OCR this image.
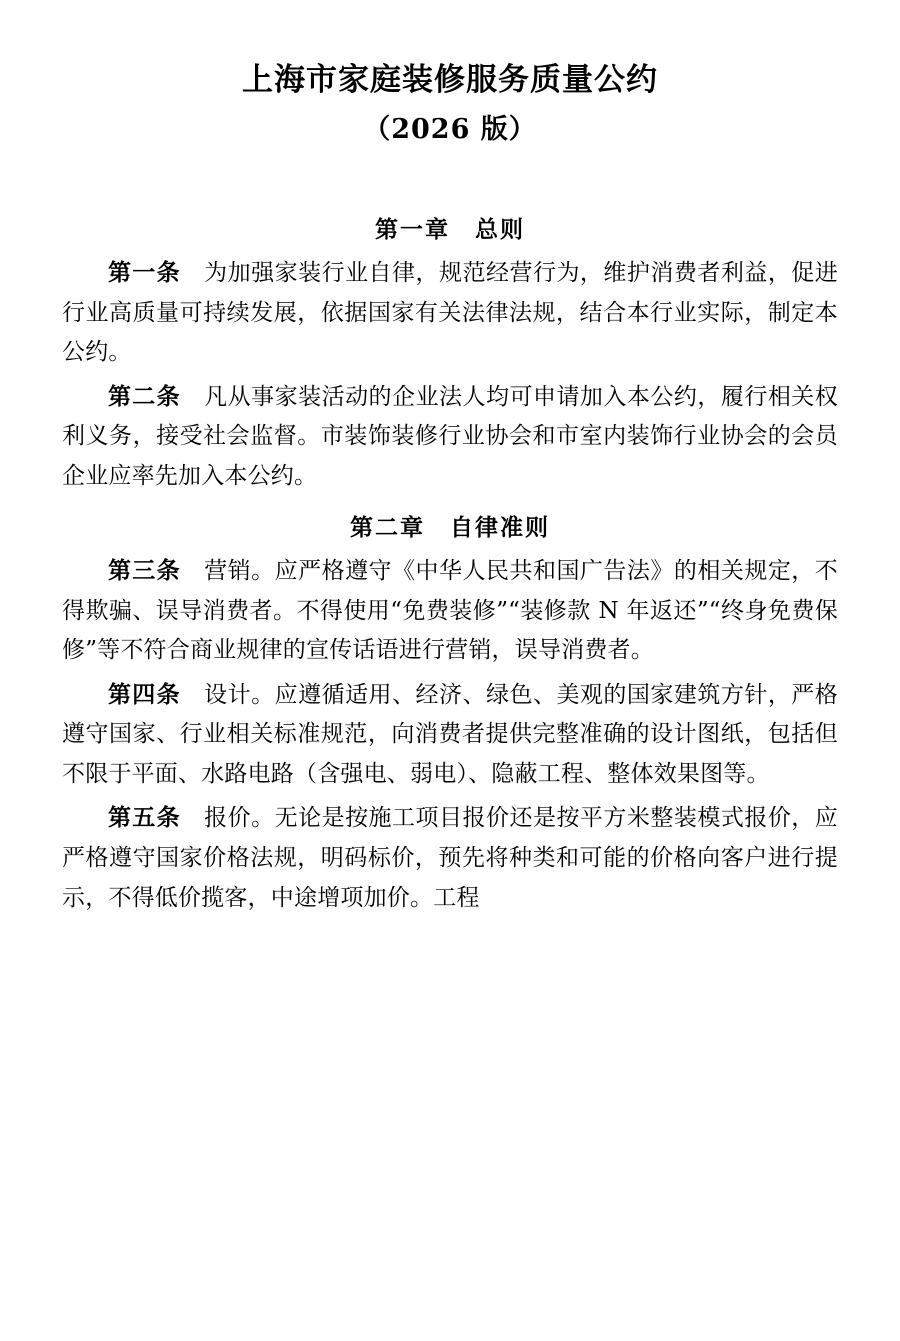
上海市家庭装修服务质量公约
（2026 版）
第一章　总则

第一条 为加强家装行业自律，规范经营行为，维护消费者利益，促进行业高质量可持续发展，依据国家有关法律法规，结合本行业实际，制定本公约。

第二条 凡从事家装活动的企业法人均可申请加入本公约，履行相关权利义务，接受社会监督。市装饰装修行业协会和市室内装饰行业协会的会员企业应率先加入本公约。

第二章　自律准则

第三条 营销。应严格遵守《中华人民共和国广告法》的相关规定，不得欺骗、误导消费者。不得使用“免费装修”“装修款 N 年返还”“终身免费保修”等不符合商业规律的宣传话语进行营销，误导消费者。

第四条 设计。应遵循适用、经济、绿色、美观的国家建筑方针，严格遵守国家、行业相关标准规范，向消费者提供完整准确的设计图纸，包括但不限于平面、水路电路（含强电、弱电）、隐蔽工程、整体效果图等。

第五条 报价。无论是按施工项目报价还是按平方米整装模式报价，应严格遵守国家价格法规，明码标价，预先将种类和可能的价格向客户进行提示，不得低价揽客，中途增项加价。工程
